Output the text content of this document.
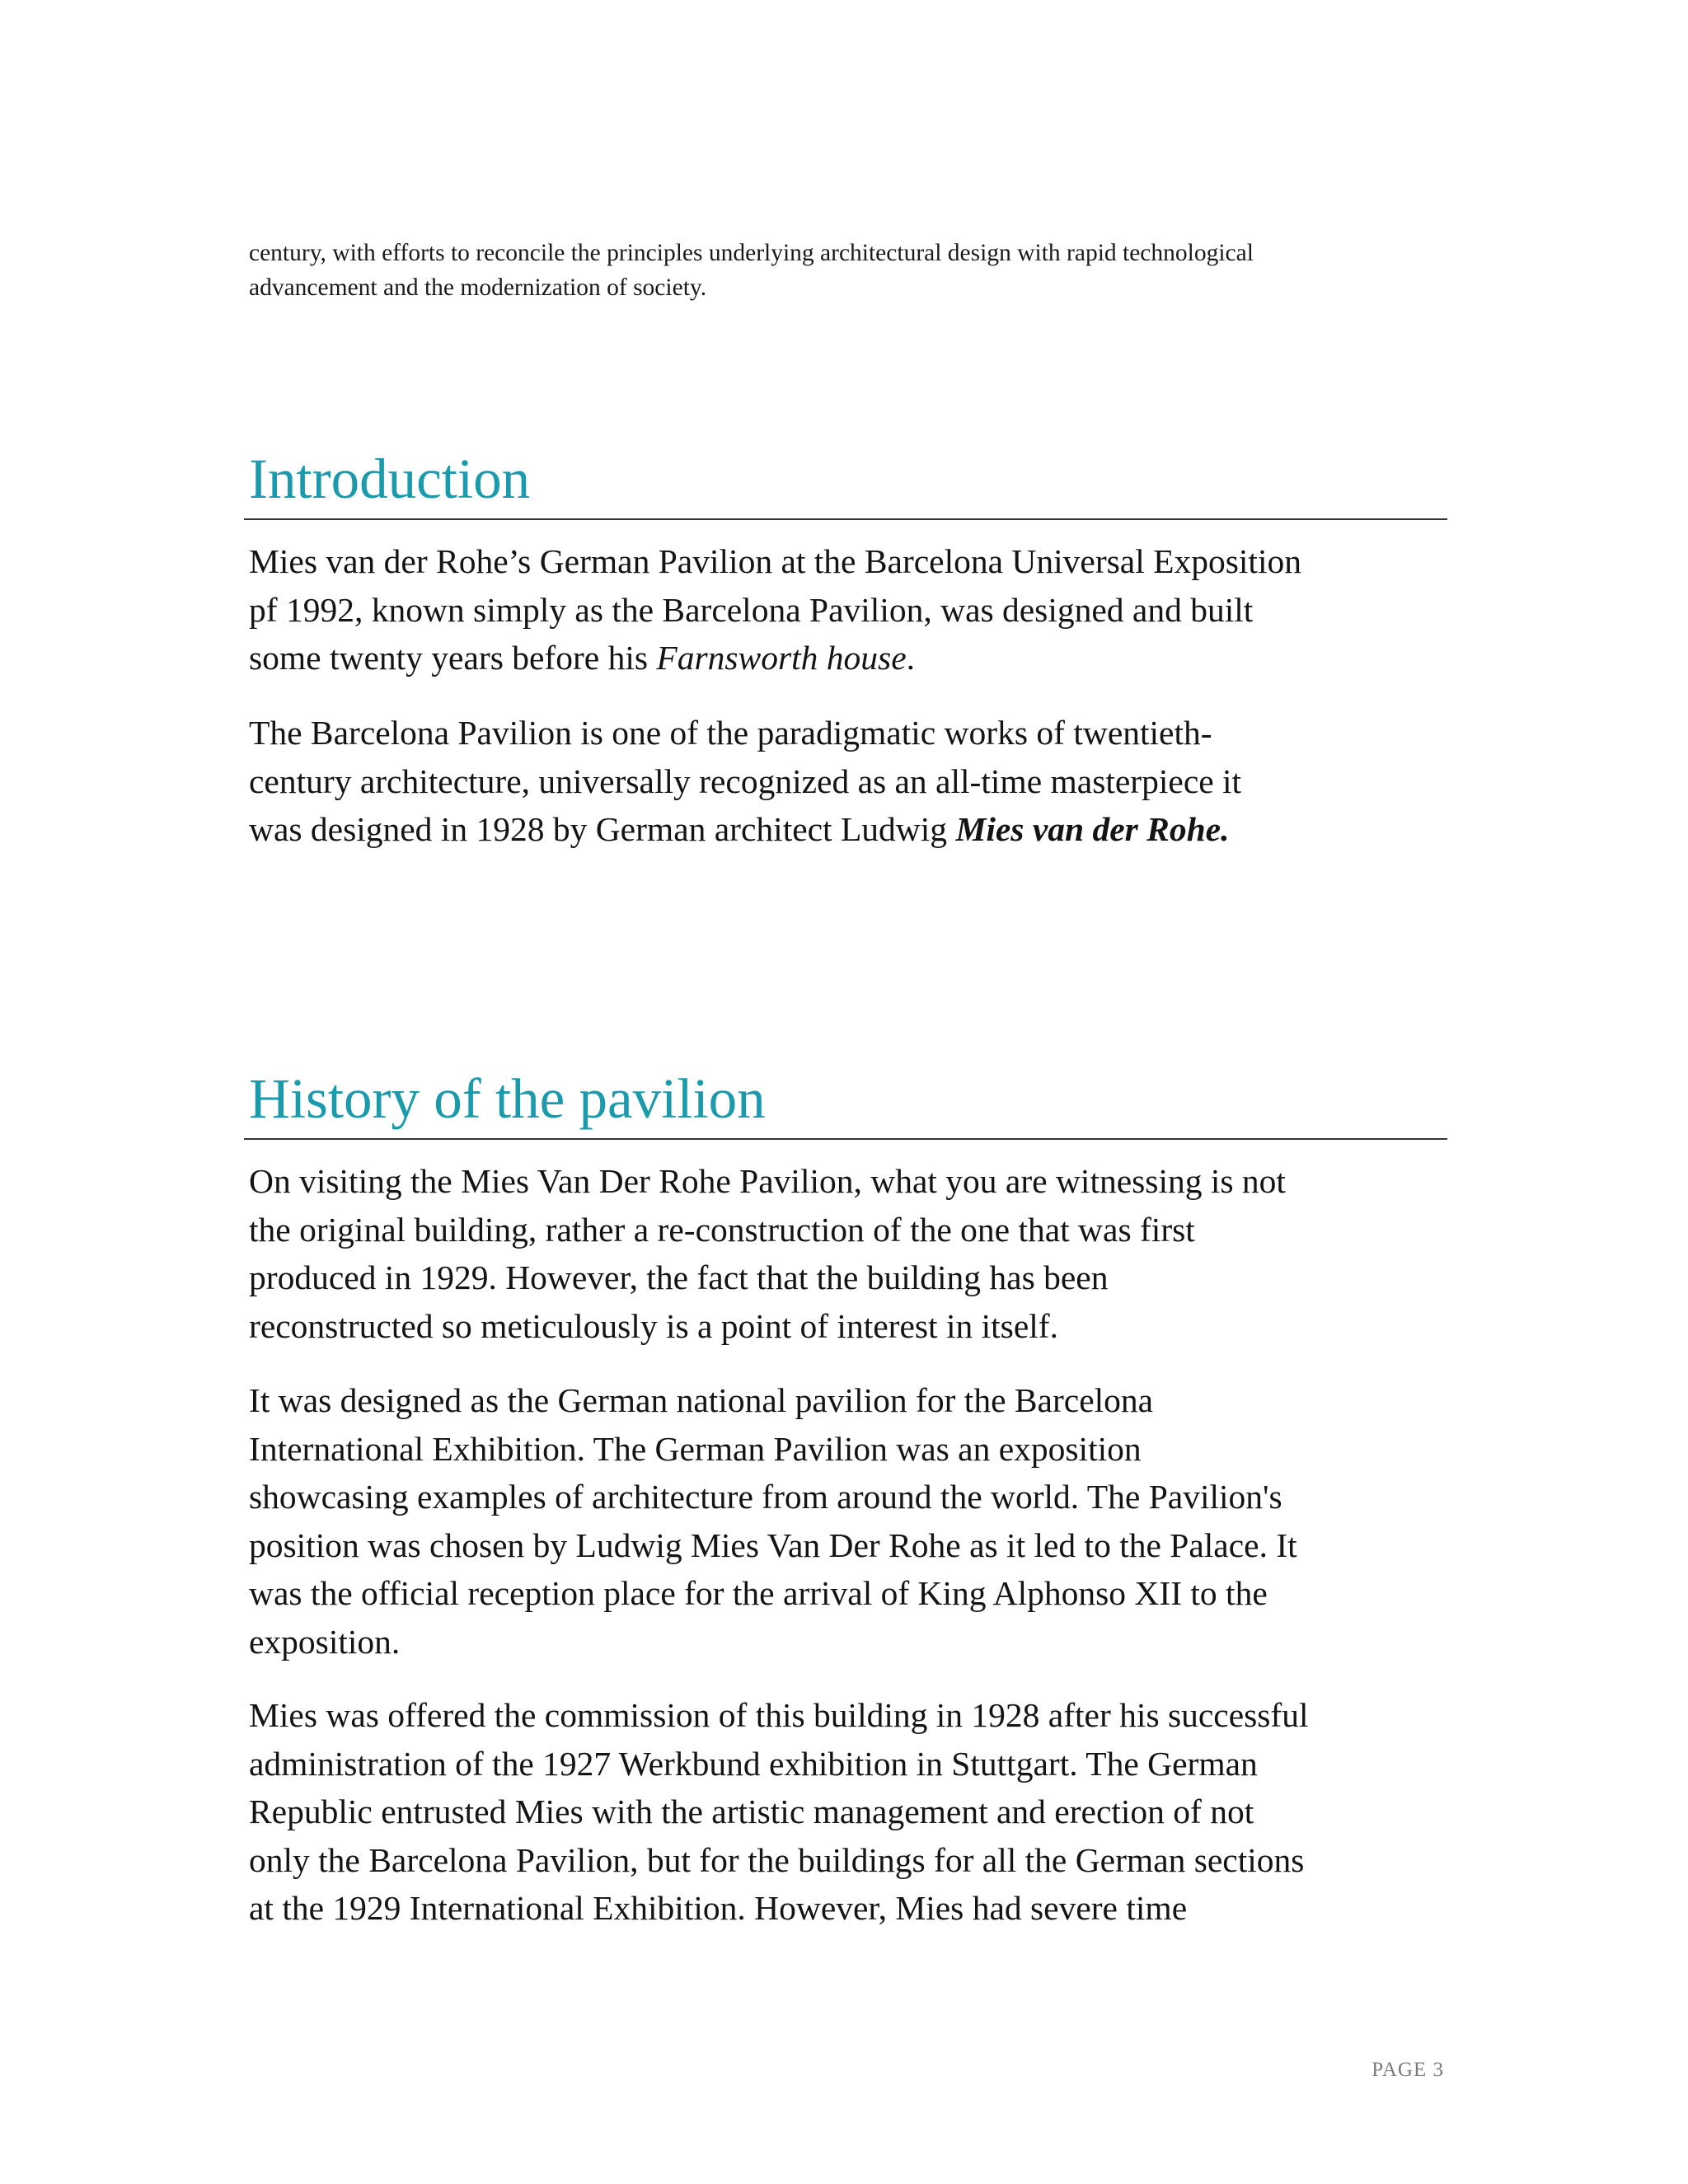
century, with efforts to reconcile the principles underlying architectural design with rapid technological
advancement and the modernization of society.

Introduction

Mies van der Rohe’s German Pavilion at the Barcelona Universal Exposition
pf 1992, known simply as the Barcelona Pavilion, was designed and built
some twenty years before his Farnsworth house.

The Barcelona Pavilion is one of the paradigmatic works of twentieth-
century architecture, universally recognized as an all-time masterpiece it
was designed in 1928 by German architect Ludwig Mies van der Rohe.

History of the pavilion

On visiting the Mies Van Der Rohe Pavilion, what you are witnessing is not
the original building, rather a re-construction of the one that was first
produced in 1929. However, the fact that the building has been
reconstructed so meticulously is a point of interest in itself.

It was designed as the German national pavilion for the Barcelona
International Exhibition. The German Pavilion was an exposition
showcasing examples of architecture from around the world. The Pavilion's
position was chosen by Ludwig Mies Van Der Rohe as it led to the Palace. It
was the official reception place for the arrival of King Alphonso XII to the
exposition.

Mies was offered the commission of this building in 1928 after his successful
administration of the 1927 Werkbund exhibition in Stuttgart. The German
Republic entrusted Mies with the artistic management and erection of not
only the Barcelona Pavilion, but for the buildings for all the German sections
at the 1929 International Exhibition. However, Mies had severe time

PAGE 3
